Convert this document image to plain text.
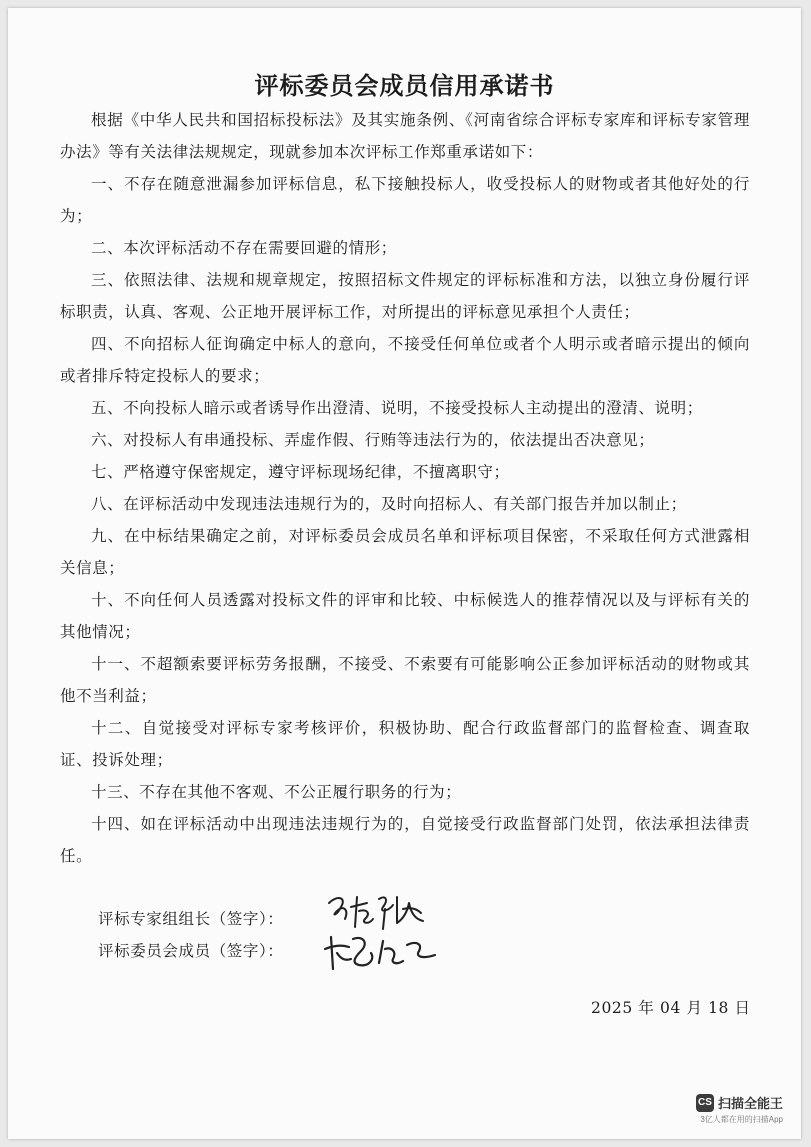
评标委员会成员信用承诺书

根据《中华人民共和国招标投标法》及其实施条例、《河南省综合评标专家库和评标专家管理办法》等有关法律法规规定，现就参加本次评标工作郑重承诺如下：

一、不存在随意泄漏参加评标信息，私下接触投标人，收受投标人的财物或者其他好处的行为；

二、本次评标活动不存在需要回避的情形；

三、依照法律、法规和规章规定，按照招标文件规定的评标标准和方法，以独立身份履行评标职责，认真、客观、公正地开展评标工作，对所提出的评标意见承担个人责任；

四、不向招标人征询确定中标人的意向，不接受任何单位或者个人明示或者暗示提出的倾向或者排斥特定投标人的要求；

五、不向投标人暗示或者诱导作出澄清、说明，不接受投标人主动提出的澄清、说明；

六、对投标人有串通投标、弄虚作假、行贿等违法行为的，依法提出否决意见；

七、严格遵守保密规定，遵守评标现场纪律，不擅离职守；

八、在评标活动中发现违法违规行为的，及时向招标人、有关部门报告并加以制止；

九、在中标结果确定之前，对评标委员会成员名单和评标项目保密，不采取任何方式泄露相关信息；

十、不向任何人员透露对投标文件的评审和比较、中标候选人的推荐情况以及与评标有关的其他情况；

十一、不超额索要评标劳务报酬，不接受、不索要有可能影响公正参加评标活动的财物或其他不当利益；

十二、自觉接受对评标专家考核评价，积极协助、配合行政监督部门的监督检查、调查取证、投诉处理；

十三、不存在其他不客观、不公正履行职务的行为；

十四、如在评标活动中出现违法违规行为的，自觉接受行政监督部门处罚，依法承担法律责任。

评标专家组组长（签字）：
评标委员会成员（签字）：
2025 年 04 月 18 日
CS 扫描全能王
3亿人都在用的扫描App
